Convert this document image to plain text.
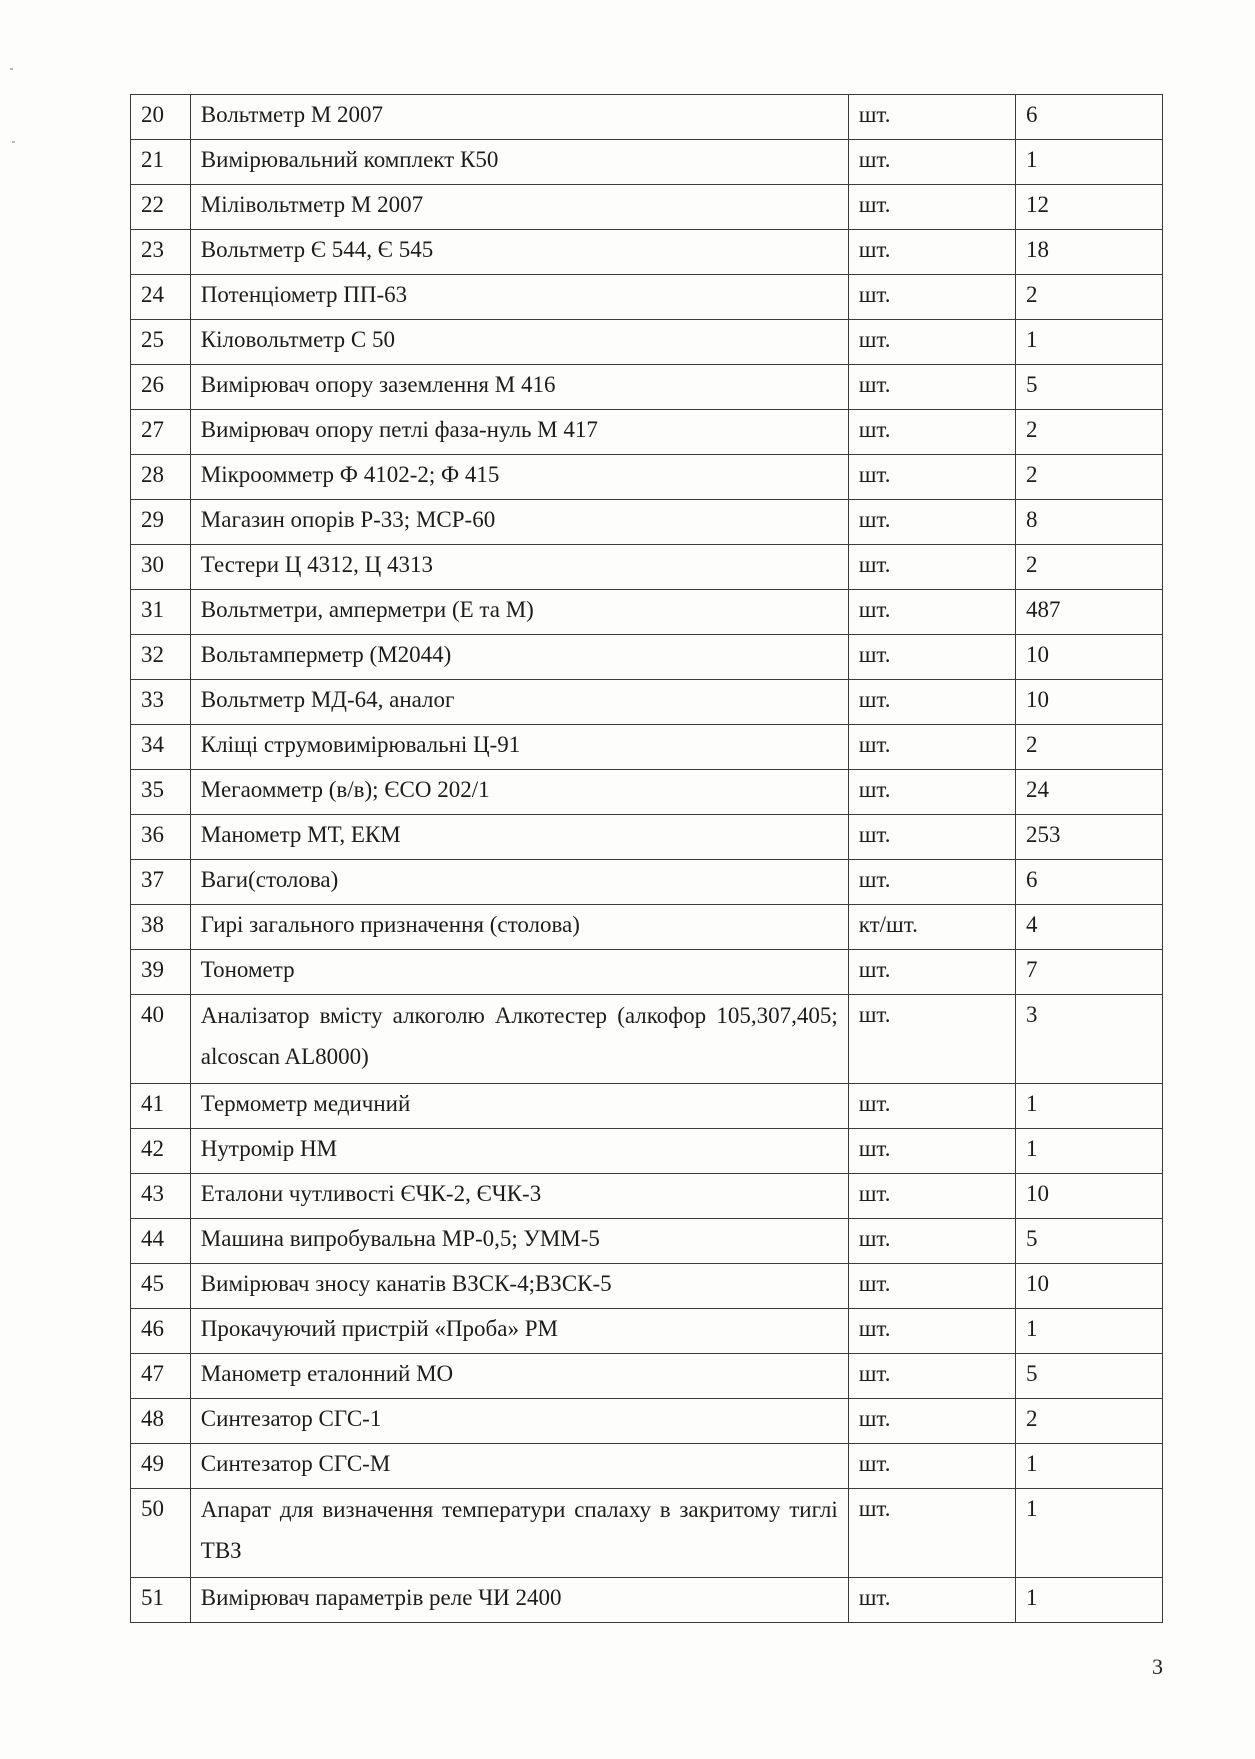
20	Вольтметр М 2007	шт.	6
21	Вимірювальний комплект К50	шт.	1
22	Мілівольтметр М 2007	шт.	12
23	Вольтметр Є 544, Є 545	шт.	18
24	Потенціометр ПП-63	шт.	2
25	Кіловольтметр С 50	шт.	1
26	Вимірювач опору заземлення М 416	шт.	5
27	Вимірювач опору петлі фаза-нуль М 417	шт.	2
28	Мікроомметр Ф 4102-2; Ф 415	шт.	2
29	Магазин опорів Р-33; МСР-60	шт.	8
30	Тестери Ц 4312, Ц 4313	шт.	2
31	Вольтметри, амперметри (Е та М)	шт.	487
32	Вольтамперметр (М2044)	шт.	10
33	Вольтметр МД-64, аналог	шт.	10
34	Кліщі струмовимірювальні Ц-91	шт.	2
35	Мегаомметр (в/в); ЄСО 202/1	шт.	24
36	Манометр МТ, ЕКМ	шт.	253
37	Ваги(столова)	шт.	6
38	Гирі загального призначення (столова)	кт/шт.	4
39	Тонометр	шт.	7
40	Аналізатор вмісту алкоголю Алкотестер (алкофор 105,307,405; alcoscan AL8000)	шт.	3
41	Термометр медичний	шт.	1
42	Нутромір НМ	шт.	1
43	Еталони чутливості ЄЧК-2, ЄЧК-3	шт.	10
44	Машина випробувальна МР-0,5; УММ-5	шт.	5
45	Вимірювач зносу канатів ВЗСК-4;ВЗСК-5	шт.	10
46	Прокачуючий пристрій «Проба» РМ	шт.	1
47	Манометр еталонний МО	шт.	5
48	Синтезатор СГС-1	шт.	2
49	Синтезатор СГС-М	шт.	1
50	Апарат для визначення температури спалаху в закритому тиглі ТВЗ	шт.	1
51	Вимірювач параметрів реле ЧИ 2400	шт.	1
3
